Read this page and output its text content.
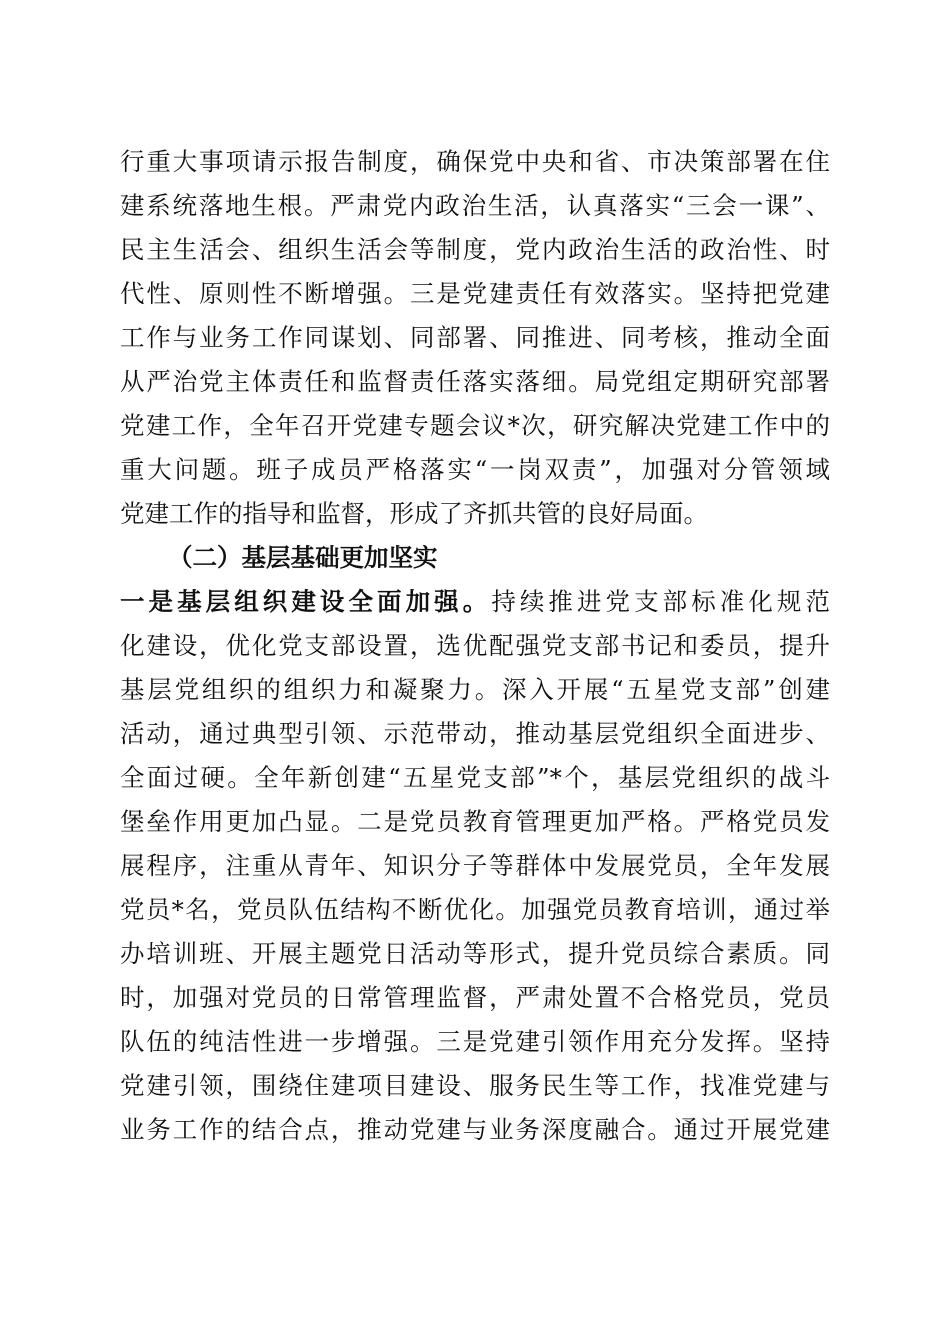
行重大事项请示报告制度，确保党中央和省、市决策部署在住
建系统落地生根。严肃党内政治生活，认真落实“三会一课”、
民主生活会、组织生活会等制度，党内政治生活的政治性、时
代性、原则性不断增强。三是党建责任有效落实。坚持把党建
工作与业务工作同谋划、同部署、同推进、同考核，推动全面
从严治党主体责任和监督责任落实落细。局党组定期研究部署
党建工作，全年召开党建专题会议*次，研究解决党建工作中的
重大问题。班子成员严格落实“一岗双责”，加强对分管领域
党建工作的指导和监督，形成了齐抓共管的良好局面。
（二）基层基础更加坚实
一是基层组织建设全面加强。持续推进党支部标准化规范
化建设，优化党支部设置，选优配强党支部书记和委员，提升
基层党组织的组织力和凝聚力。深入开展“五星党支部”创建
活动，通过典型引领、示范带动，推动基层党组织全面进步、
全面过硬。全年新创建“五星党支部”*个，基层党组织的战斗
堡垒作用更加凸显。二是党员教育管理更加严格。严格党员发
展程序，注重从青年、知识分子等群体中发展党员，全年发展
党员*名，党员队伍结构不断优化。加强党员教育培训，通过举
办培训班、开展主题党日活动等形式，提升党员综合素质。同
时，加强对党员的日常管理监督，严肃处置不合格党员，党员
队伍的纯洁性进一步增强。三是党建引领作用充分发挥。坚持
党建引领，围绕住建项目建设、服务民生等工作，找准党建与
业务工作的结合点，推动党建与业务深度融合。通过开展党建
